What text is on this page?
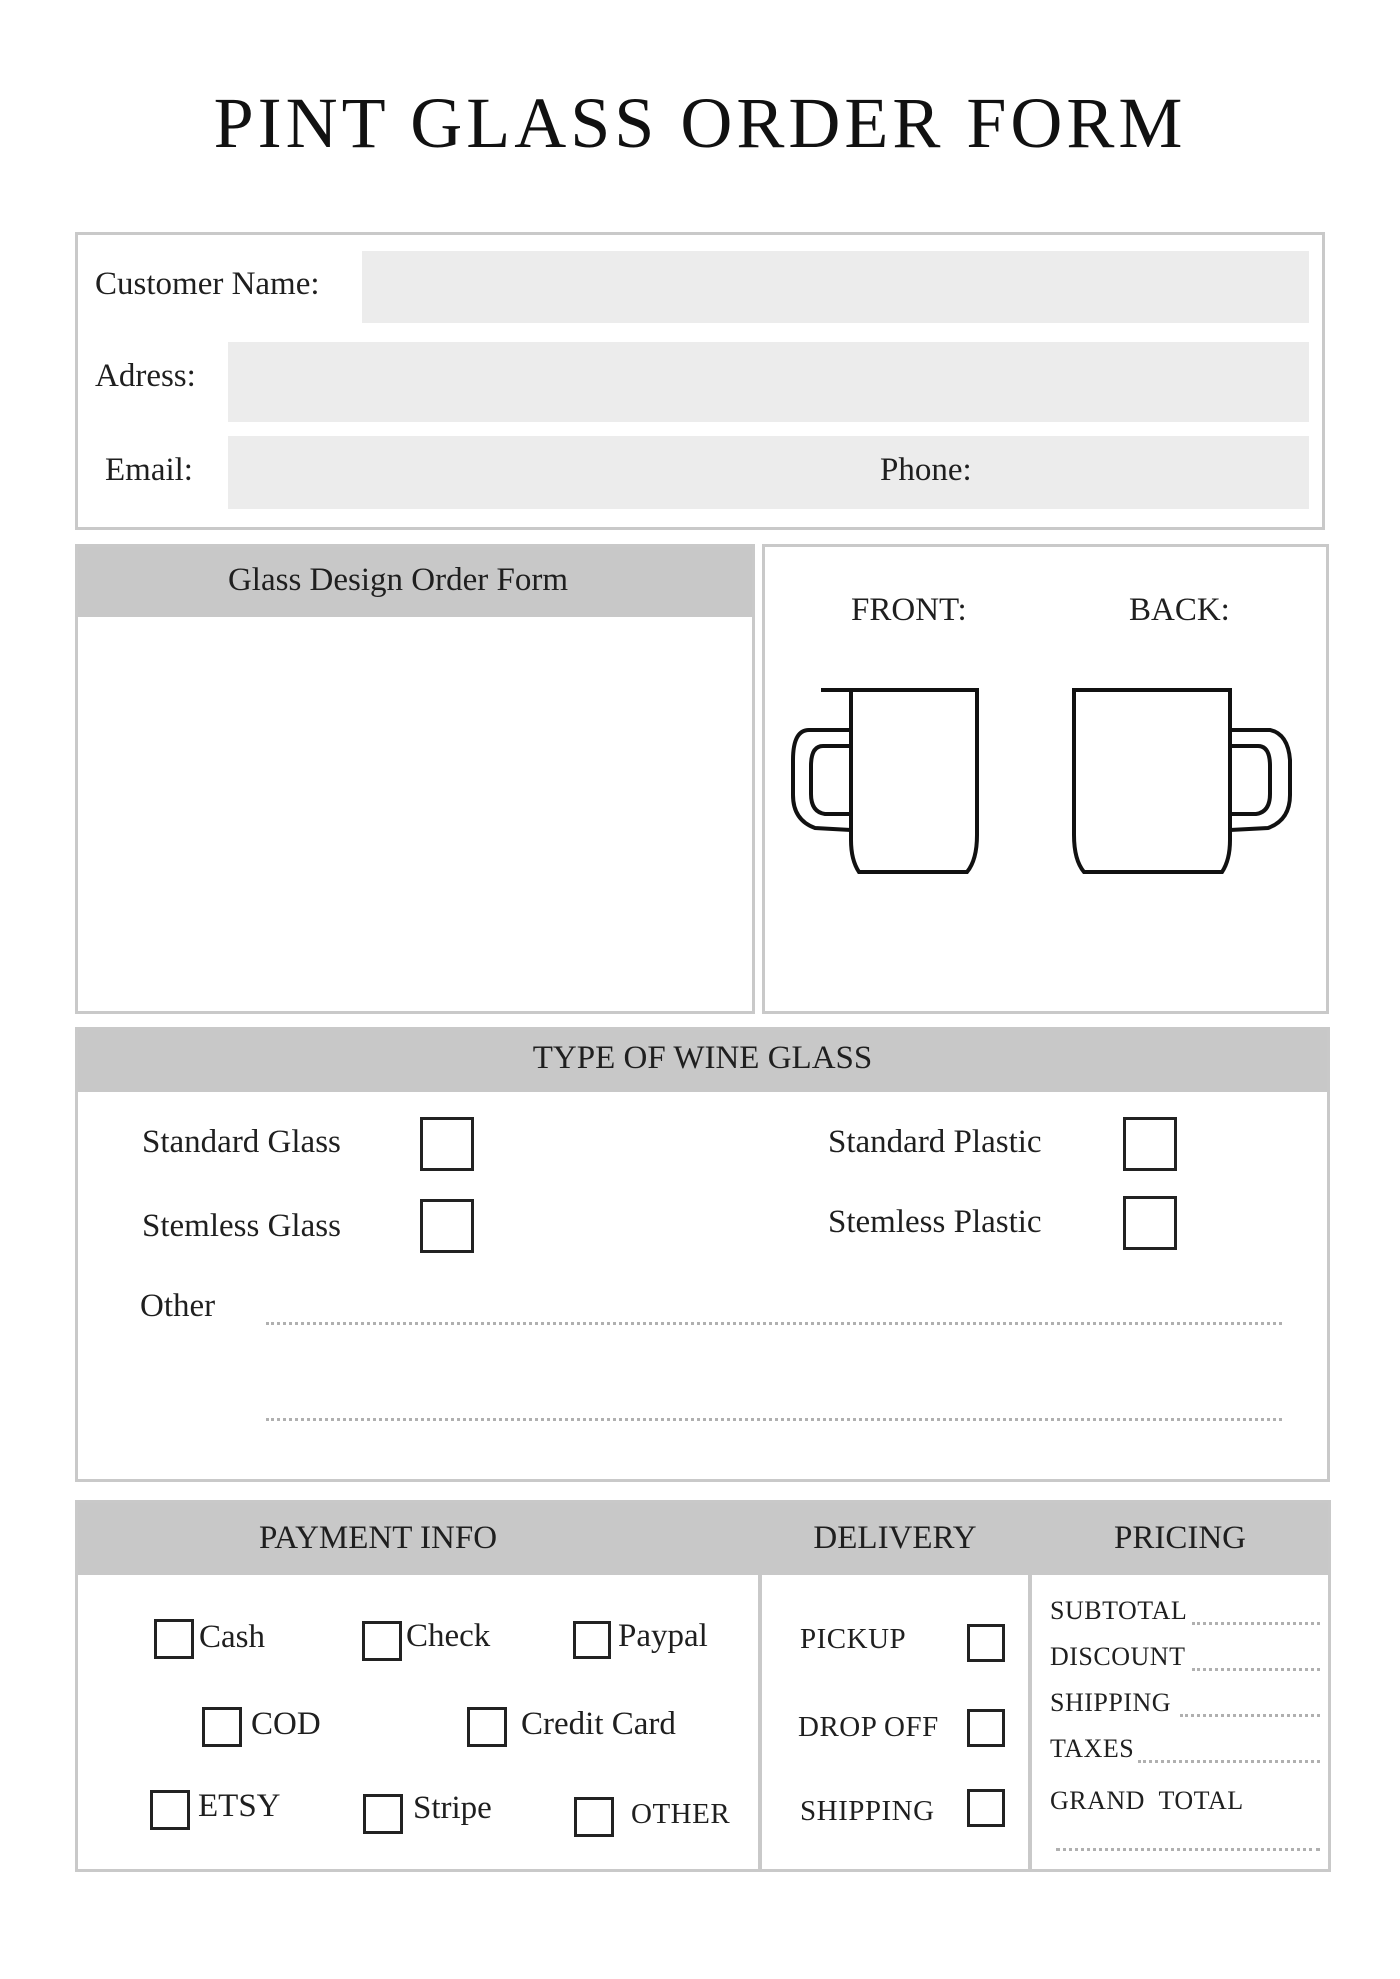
PINT GLASS ORDER FORM
Customer Name:
Adress:
Email:	Phone:
Glass Design Order Form
FRONT:	BACK:
TYPE OF WINE GLASS
Standard Glass
Stemless Glass
Standard Plastic
Stemless Plastic
Other
PAYMENT INFO	DELIVERY	PRICING
Cash	Check	Paypal
COD	Credit Card
ETSY	Stripe	OTHER
PICKUP
DROP OFF
SHIPPING
SUBTOTAL
DISCOUNT
SHIPPING
TAXES
GRAND  TOTAL
